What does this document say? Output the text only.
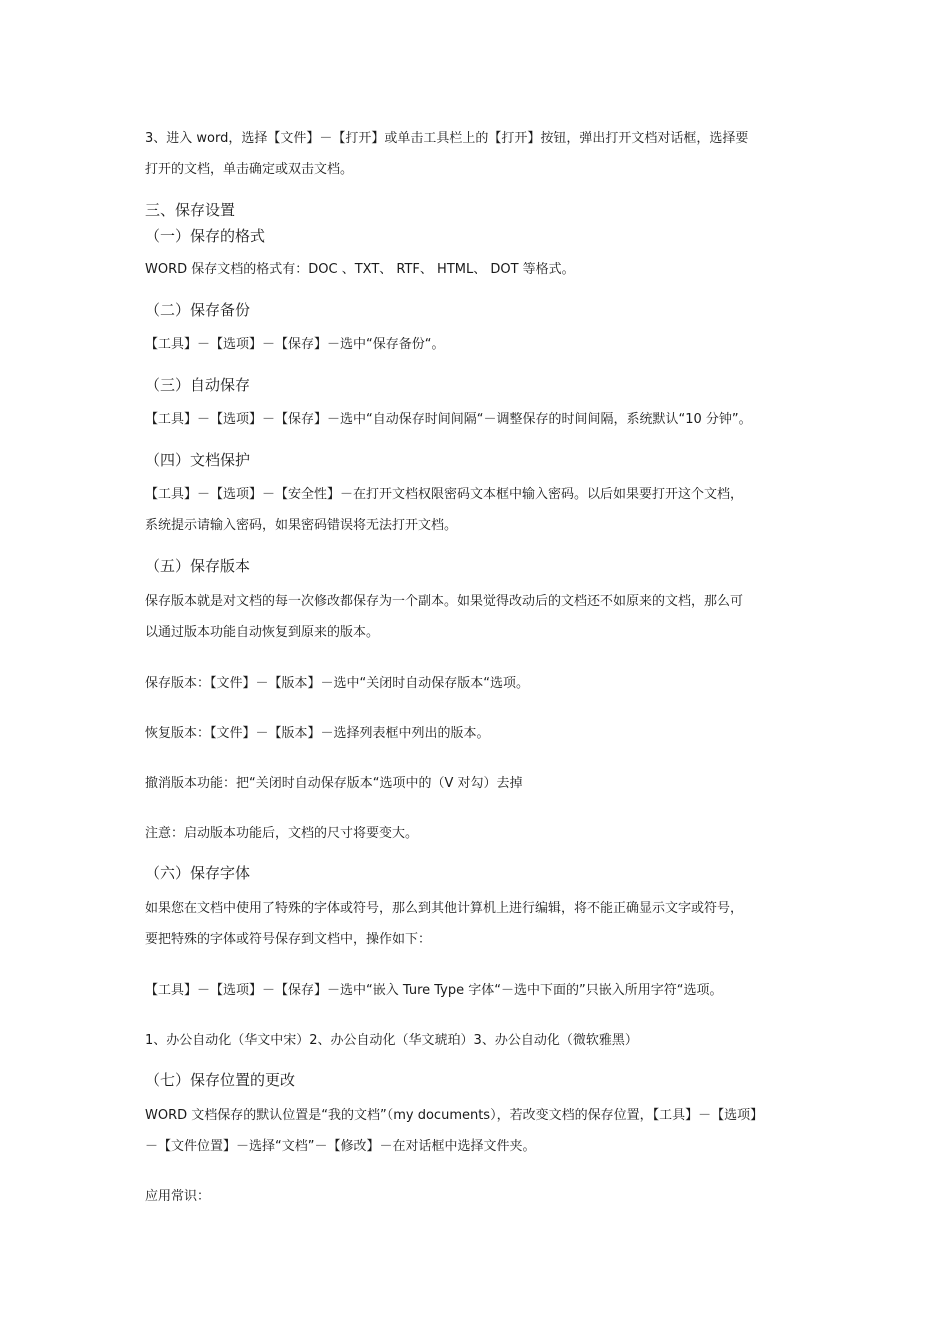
3、进入 word，选择【文件】－【打开】或单击工具栏上的【打开】按钮，弹出打开文档对话框，选择要
打开的文档，单击确定或双击文档。
三、保存设置
（一）保存的格式
WORD 保存文档的格式有：DOC 、TXT、 RTF、 HTML、 DOT 等格式。
（二）保存备份
【工具】－【选项】－【保存】－选中“保存备份“。
（三）自动保存
【工具】－【选项】－【保存】－选中“自动保存时间间隔“－调整保存的时间间隔，系统默认“10 分钟”。
（四）文档保护
【工具】－【选项】－【安全性】－在打开文档权限密码文本框中输入密码。以后如果要打开这个文档，
系统提示请输入密码，如果密码错误将无法打开文档。
（五）保存版本
保存版本就是对文档的每一次修改都保存为一个副本。如果觉得改动后的文档还不如原来的文档，那么可
以通过版本功能自动恢复到原来的版本。
保存版本：【文件】－【版本】－选中“关闭时自动保存版本“选项。
恢复版本：【文件】－【版本】－选择列表框中列出的版本。
撤消版本功能：把“关闭时自动保存版本“选项中的（V 对勾）去掉
注意：启动版本功能后，文档的尺寸将要变大。
（六）保存字体
如果您在文档中使用了特殊的字体或符号，那么到其他计算机上进行编辑，将不能正确显示文字或符号，
要把特殊的字体或符号保存到文档中，操作如下：
【工具】－【选项】－【保存】－选中“嵌入 Ture Type 字体“－选中下面的”只嵌入所用字符“选项。
1、办公自动化（华文中宋）2、办公自动化（华文琥珀）3、办公自动化（微软雅黑）
（七）保存位置的更改
WORD 文档保存的默认位置是“我的文档”（my documents），若改变文档的保存位置，【工具】－【选项】
－【文件位置】－选择“文档”－【修改】－在对话框中选择文件夹。
应用常识：
